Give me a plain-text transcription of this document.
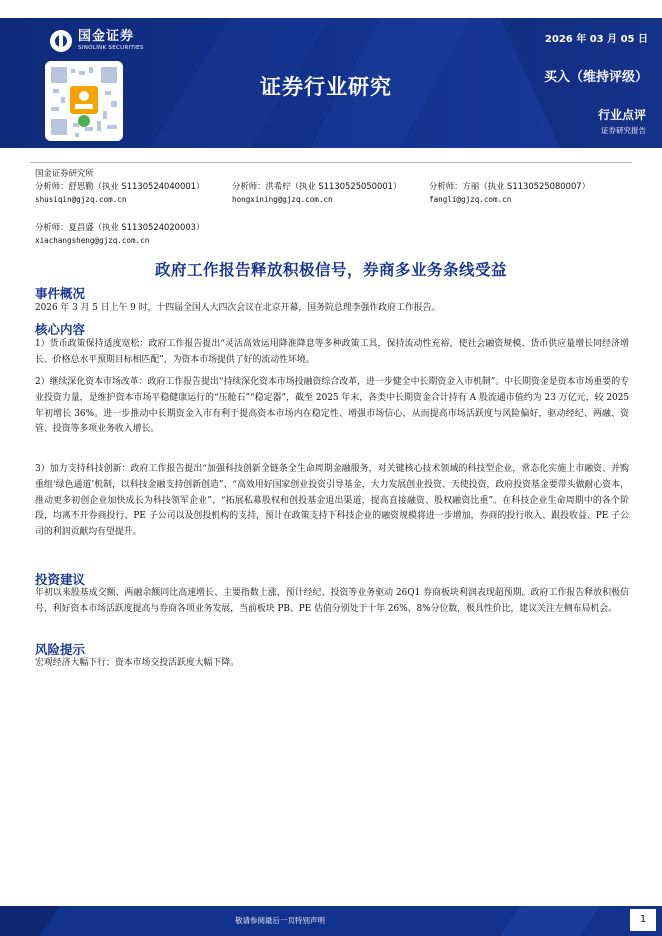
国金证券
SINOLINK SECURITIES
2026 年 03 月 05 日
证券行业研究	买入（维持评级）
行业点评
证券研究报告
国金证券研究所
分析师：舒思勤（执业 S1130524040001）
shusiqin@gjzq.com.cn
分析师：洪希柠（执业 S1130525050001）
hongxining@gjzq.com.cn
分析师：方丽（执业 S1130525080007）
fangli@gjzq.com.cn
分析师：夏昌盛（执业 S1130524020003）
xiachangsheng@gjzq.com.cn
政府工作报告释放积极信号，券商多业务条线受益
事件概况
2026 年 3 月 5 日上午 9 时，十四届全国人大四次会议在北京开幕，国务院总理李强作政府工作报告。
核心内容
1）货币政策保持适度宽松：政府工作报告提出“灵活高效运用降准降息等多种政策工具，保持流动性充裕，使社会融资规模、货币供应量增长同经济增长、价格总水平预期目标相匹配”，为资本市场提供了好的流动性环境。
2）继续深化资本市场改革：政府工作报告提出“持续深化资本市场投融资综合改革，进一步健全中长期资金入市机制”。中长期资金是资本市场重要的专业投资力量，是维护资本市场平稳健康运行的“压舱石”“稳定器”，截至 2025 年末，各类中长期资金合计持有 A 股流通市值约为 23 万亿元，较 2025 年初增长 36%。进一步推动中长期资金入市有利于提高资本市场内在稳定性、增强市场信心，从而提高市场活跃度与风险偏好，驱动经纪、两融、资管、投资等多项业务收入增长。
3）加力支持科技创新：政府工作报告提出“加强科技创新全链条全生命周期金融服务，对关键核心技术领域的科技型企业，常态化实施上市融资、并购重组‘绿色通道’机制，以科技金融支持创新创造”、“高效用好国家创业投资引导基金，大力发展创业投资、天使投资，政府投资基金要带头做耐心资本，推动更多初创企业加快成长为科技领军企业”、“拓展私募股权和创投基金退出渠道，提高直接融资、股权融资比重”。在科技企业生命周期中的各个阶段，均离不开券商投行、PE 子公司以及创投机构的支持，预计在政策支持下科技企业的融资规模将进一步增加，券商的投行收入、跟投收益、PE 子公司的利润贡献均有望提升。
投资建议
年初以来股基成交额、两融余额同比高速增长、主要指数上涨，预计经纪、投资等业务驱动 26Q1 券商板块利润表现超预期。政府工作报告释放积极信号，利好资本市场活跃度提高与券商各项业务发展，当前板块 PB、PE 估值分别处于十年 26%、8%分位数，极具性价比，建议关注左侧布局机会。
风险提示
宏观经济大幅下行；资本市场交投活跃度大幅下降。
敬请参阅最后一页特别声明	1
